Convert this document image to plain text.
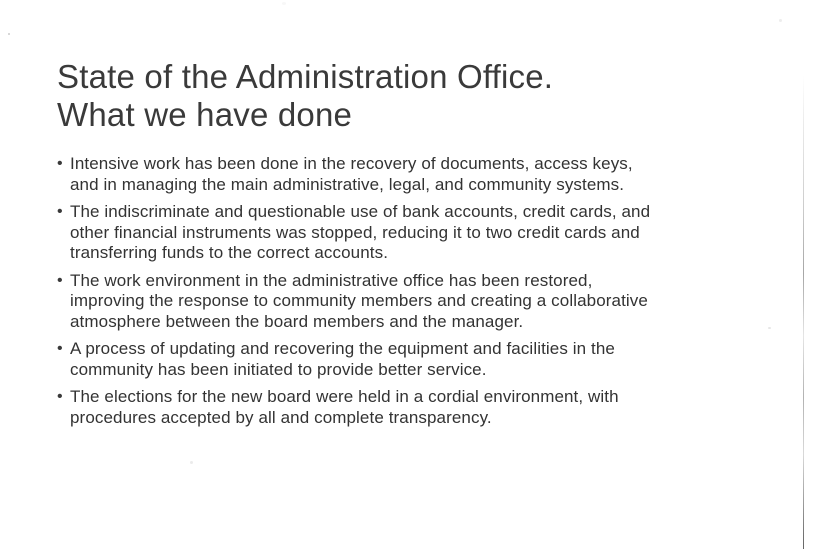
State of the Administration Office.
What we have done
• Intensive work has been done in the recovery of documents, access keys,
and in managing the main administrative, legal, and community systems.
• The indiscriminate and questionable use of bank accounts, credit cards, and
other financial instruments was stopped, reducing it to two credit cards and
transferring funds to the correct accounts.
• The work environment in the administrative office has been restored,
improving the response to community members and creating a collaborative
atmosphere between the board members and the manager.
• A process of updating and recovering the equipment and facilities in the
community has been initiated to provide better service.
• The elections for the new board were held in a cordial environment, with
procedures accepted by all and complete transparency.
